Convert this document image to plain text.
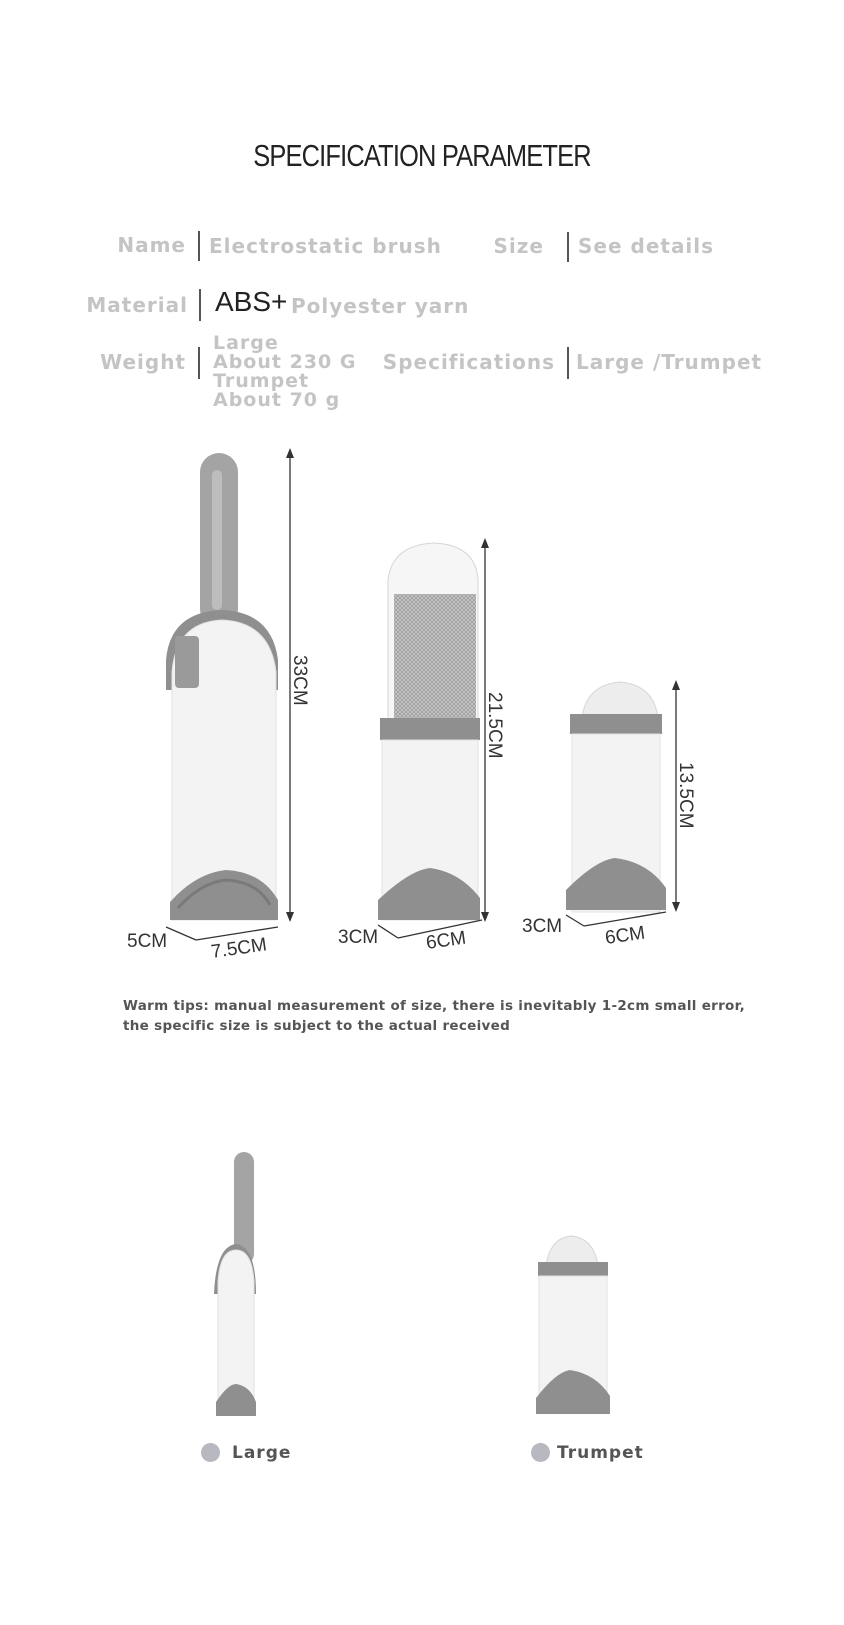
SPECIFICATION PARAMETER
Name Electrostatic brush	Size See details
Material ABS+ Polyester yarn
Weight
Large
About 230 G
Trumpet
About 70 g
Specifications Large /Trumpet
33CM
5CM 7.5CM
21.5CM
3CM 6CM
13.5CM
3CM 6CM
Warm tips: manual measurement of size, there is inevitably 1-2cm small error,
the specific size is subject to the actual received
Large	Trumpet
